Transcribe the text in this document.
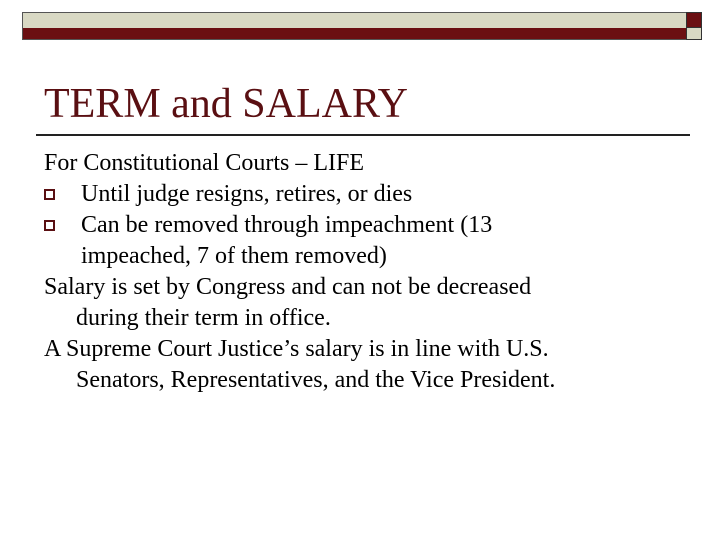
TERM and SALARY

For Constitutional Courts – LIFE

Until judge resigns, retires, or dies

Can be removed through impeachment (13
impeached, 7 of them removed)

Salary is set by Congress and can not be decreased
during their term in office.

A Supreme Court Justice’s salary is in line with U.S.
Senators, Representatives, and the Vice President.
